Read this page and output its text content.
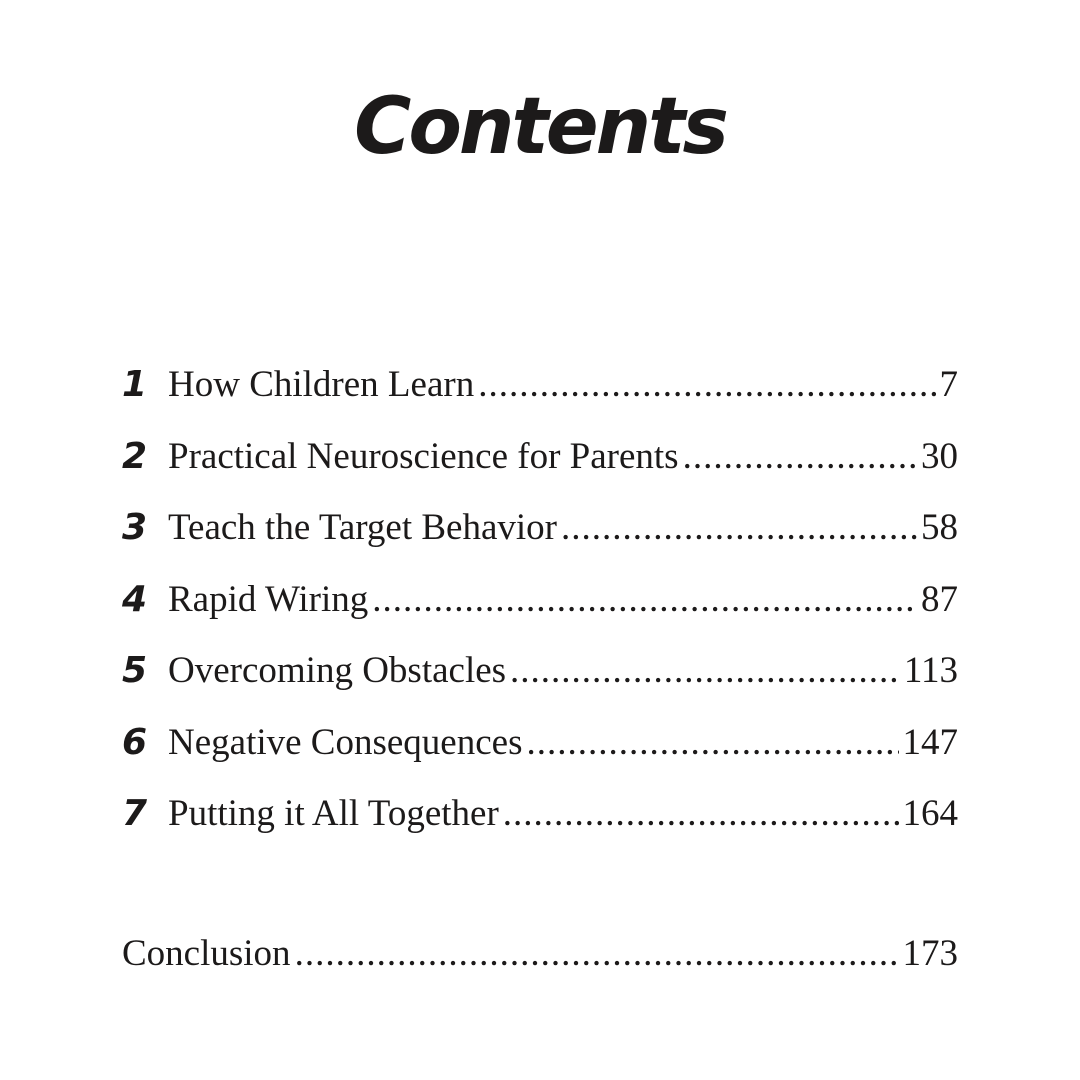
Contents
1 How Children Learn .....	7
2 Practical Neuroscience for Parents .....	30
3 Teach the Target Behavior .....	58
4 Rapid Wiring .....	87
5 Overcoming Obstacles .....	113
6 Negative Consequences .....	147
7 Putting it All Together .....	164
Conclusion .....	173
